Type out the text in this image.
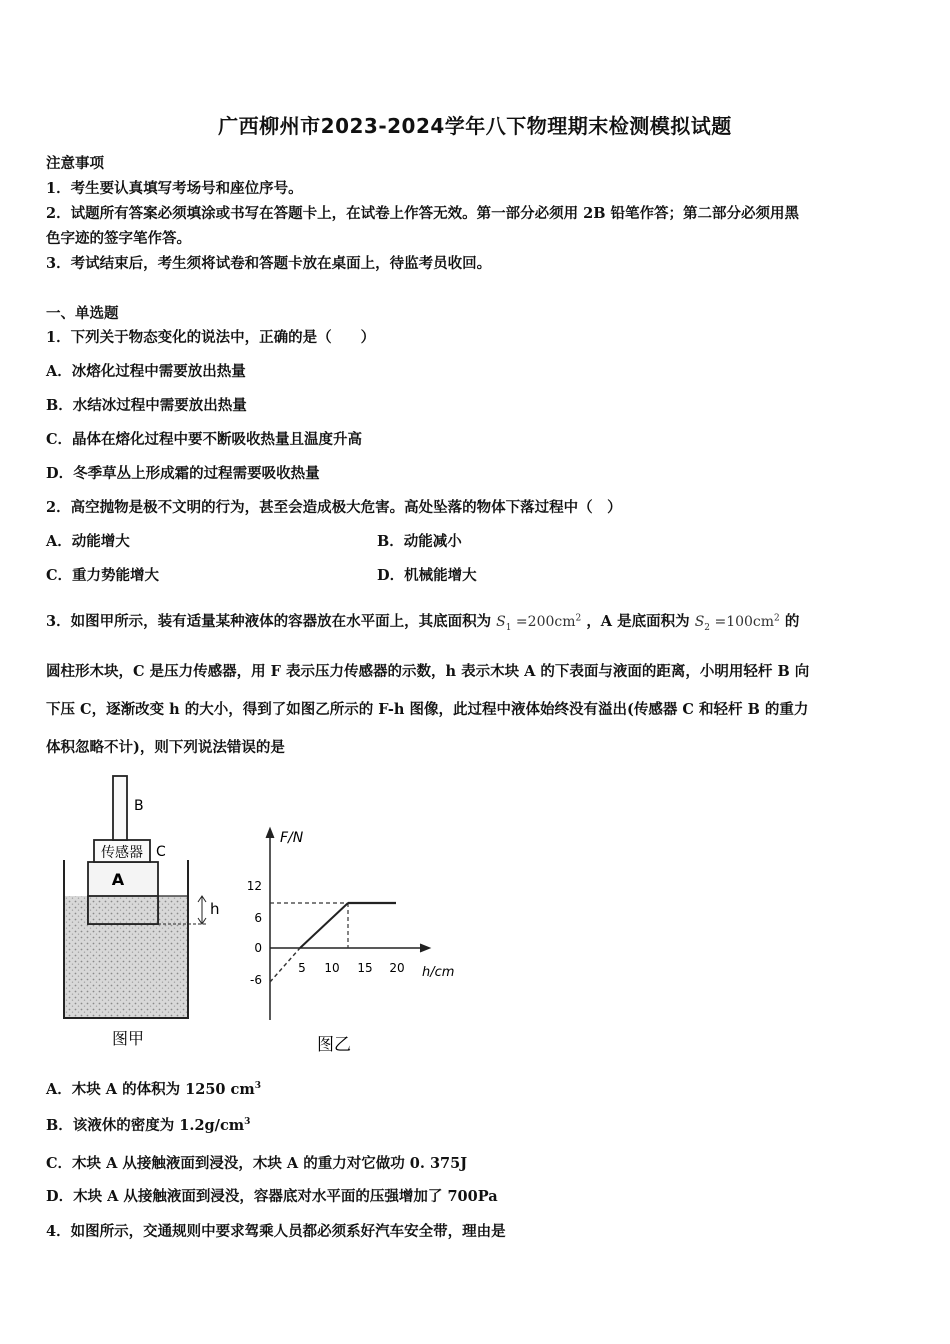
广西柳州市2023-2024学年八下物理期末检测模拟试题
注意事项
1．考生要认真填写考场号和座位序号。
2．试题所有答案必须填涂或书写在答题卡上，在试卷上作答无效。第一部分必须用 2B 铅笔作答；第二部分必须用黑
色字迹的签字笔作答。
3．考试结束后，考生须将试卷和答题卡放在桌面上，待监考员收回。
一、单选题
1．下列关于物态变化的说法中，正确的是（　　）
A．冰熔化过程中需要放出热量
B．水结冰过程中需要放出热量
C．晶体在熔化过程中要不断吸收热量且温度升高
D．冬季草丛上形成霜的过程需要吸收热量
2．高空抛物是极不文明的行为，甚至会造成极大危害。高处坠落的物体下落过程中（　）
A．动能增大	B．动能减小
C．重力势能增大	D．机械能增大
3．如图甲所示，装有适量某种液体的容器放在水平面上，其底面积为 $S_1 =200cm^2$ ，A 是底面积为 $S_2 =100cm^2$ 的
圆柱形木块，C 是压力传感器，用 F 表示压力传感器的示数，h 表示木块 A 的下表面与液面的距离，小明用轻杆 B 向
下压 C，逐渐改变 h 的大小，得到了如图乙所示的 F-h 图像，此过程中液体始终没有溢出(传感器 C 和轻杆 B 的重力
体积忽略不计)，则下列说法错误的是
A
传感器 C
B
h
图甲
F/N
h/cm
12
6
0
-6
5 10 15 20
图乙
A．木块 A 的体积为 1250 $cm^3$
B．该液休的密度为 $1.2g/cm^3$
C．木块 A 从接触液面到浸没，木块 A 的重力对它做功 0. 375J
D．木块 A 从接触液面到浸没，容器底对水平面的压强增加了 700Pa
4．如图所示，交通规则中要求驾乘人员都必须系好汽车安全带，理由是
